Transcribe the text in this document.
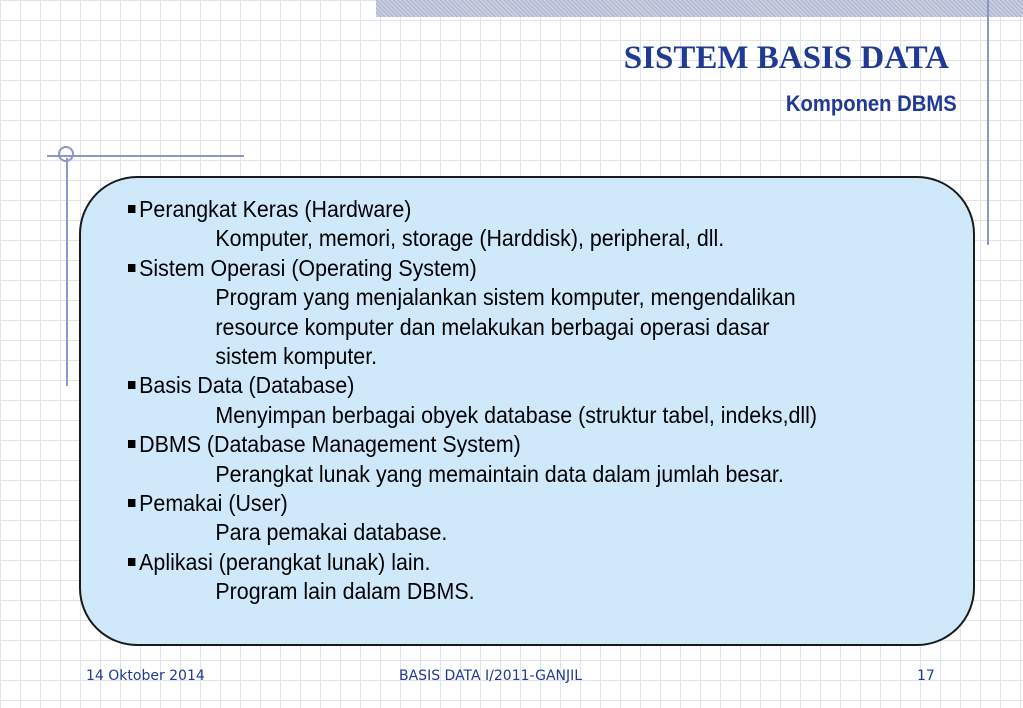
SISTEM BASIS DATA
Komponen DBMS
Perangkat Keras (Hardware)
Komputer, memori, storage (Harddisk), peripheral, dll.
Sistem Operasi (Operating System)
Program yang menjalankan sistem komputer, mengendalikan
resource komputer dan melakukan berbagai operasi dasar
sistem komputer.
Basis Data (Database)
Menyimpan berbagai obyek database (struktur tabel, indeks,dll)
DBMS (Database Management System)
Perangkat lunak yang memaintain data dalam jumlah besar.
Pemakai (User)
Para pemakai database.
Aplikasi (perangkat lunak) lain.
Program lain dalam DBMS.
14 Oktober 2014	BASIS DATA I/2011-GANJIL	17
